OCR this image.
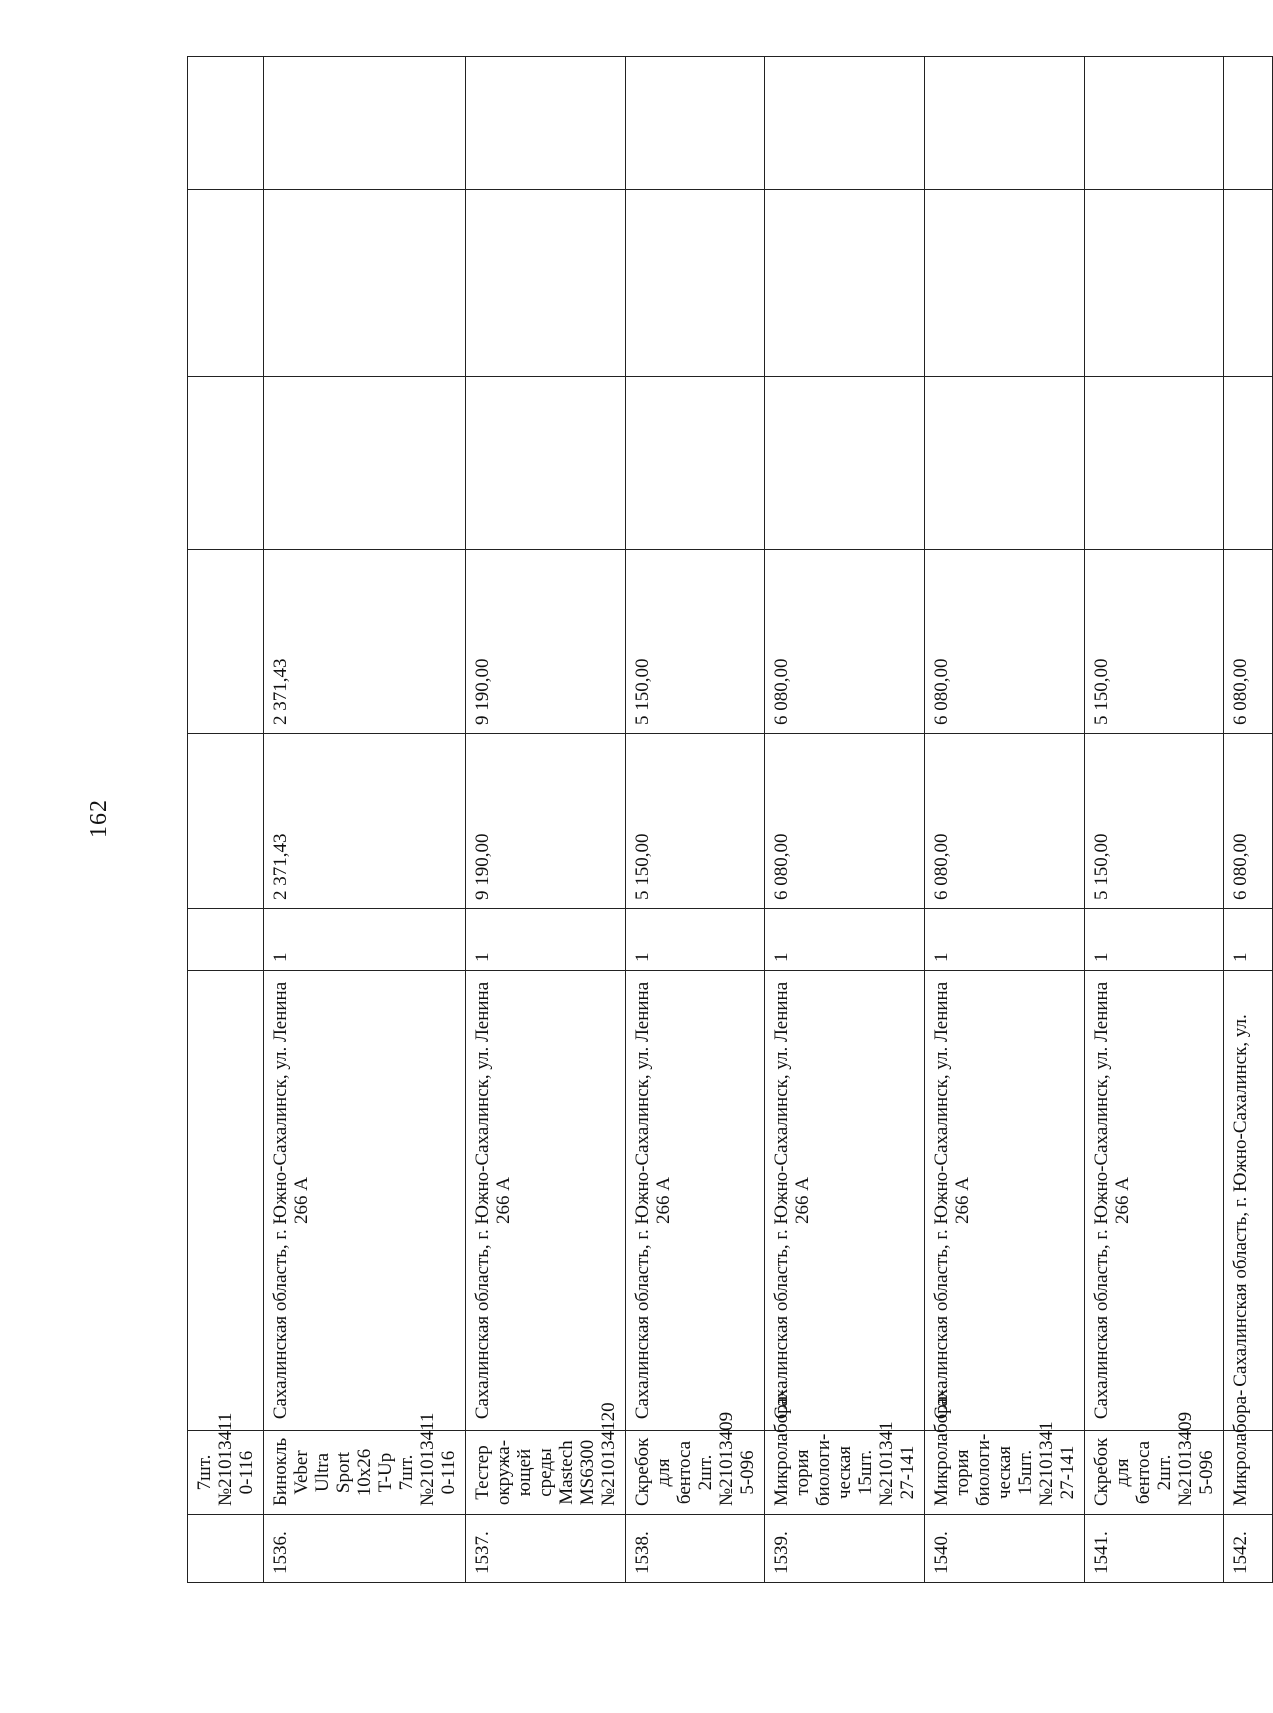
162
	7шт.№21013411 0-116							
1536.	Бинокль Veber Ultra Sport 10x26 T-Up 7шт.№21013411 0-116	Сахалинская область, г. Южно-Сахалинск, ул. Ленина 266 А	1	2 371,43	2 371,43			
1537.	Тестер окружа-ющей среды Mastech MS6300 №210134120	Сахалинская область, г. Южно-Сахалинск, ул. Ленина 266 А	1	9 190,00	9 190,00			
1538.	Скребок для бентоса 2шт.№21013409 5-096	Сахалинская область, г. Южно-Сахалинск, ул. Ленина 266 А	1	5 150,00	5 150,00			
1539.	Микролабора-тория биологи-ческая 15шт.№2101341 27-141	Сахалинская область, г. Южно-Сахалинск, ул. Ленина 266 А	1	6 080,00	6 080,00			
1540.	Микролабора-тория биологи-ческая 15шт.№2101341 27-141	Сахалинская область, г. Южно-Сахалинск, ул. Ленина 266 А	1	6 080,00	6 080,00			
1541.	Скребок для бентоса 2шт.№21013409 5-096	Сахалинская область, г. Южно-Сахалинск, ул. Ленина 266 А	1	5 150,00	5 150,00			
1542.	Микролабора-	Сахалинская область, г. Южно-Сахалинск, ул.	1	6 080,00	6 080,00			
